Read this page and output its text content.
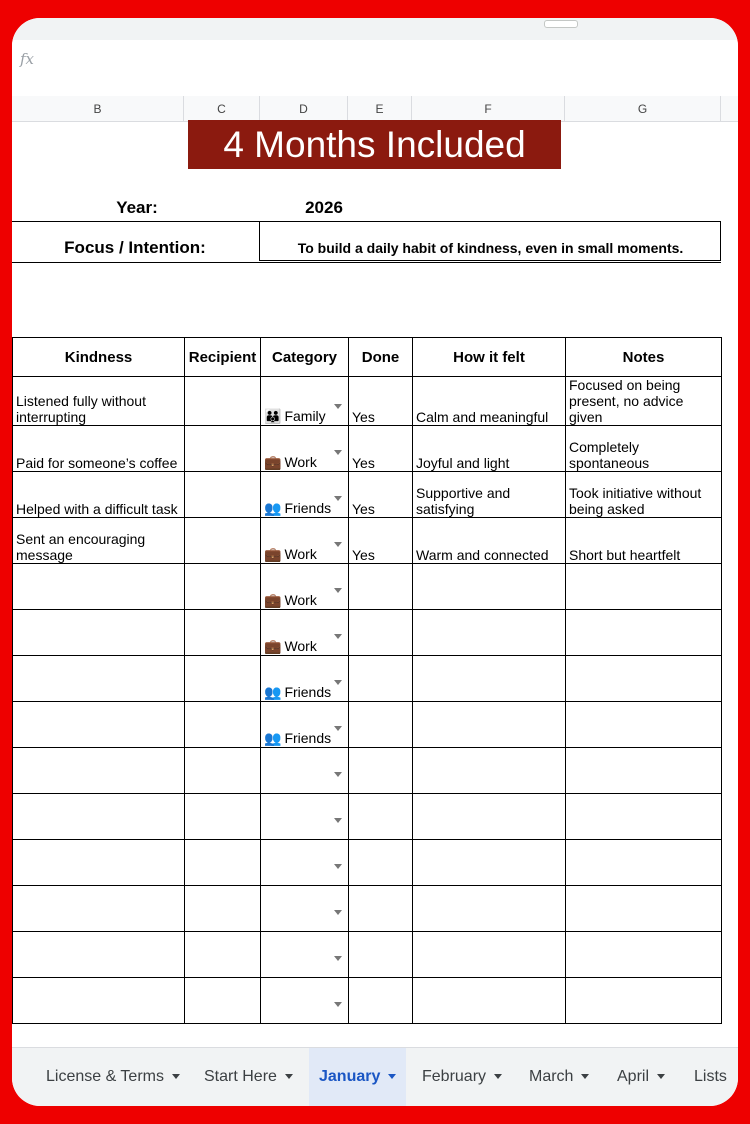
fx
B	C	D	E	F	G
4 Months Included
Year:	2026
Focus / Intention:	To build a daily habit of kindness, even in small moments.
Kindness	Recipient	Category	Done	How it felt	Notes
Listened fully without interrupting		👪 Family	Yes	Calm and meaningful	Focused on being present, no advice given
Paid for someone’s coffee		💼 Work	Yes	Joyful and light	Completely spontaneous
Helped with a difficult task		👥 Friends	Yes	Supportive and satisfying	Took initiative without being asked
Sent an encouraging message		💼 Work	Yes	Warm and connected	Short but heartfelt
		💼 Work

		💼 Work

		👥 Friends

		👥 Friends

License & Terms	Start Here	January	February	March	April	Lists
